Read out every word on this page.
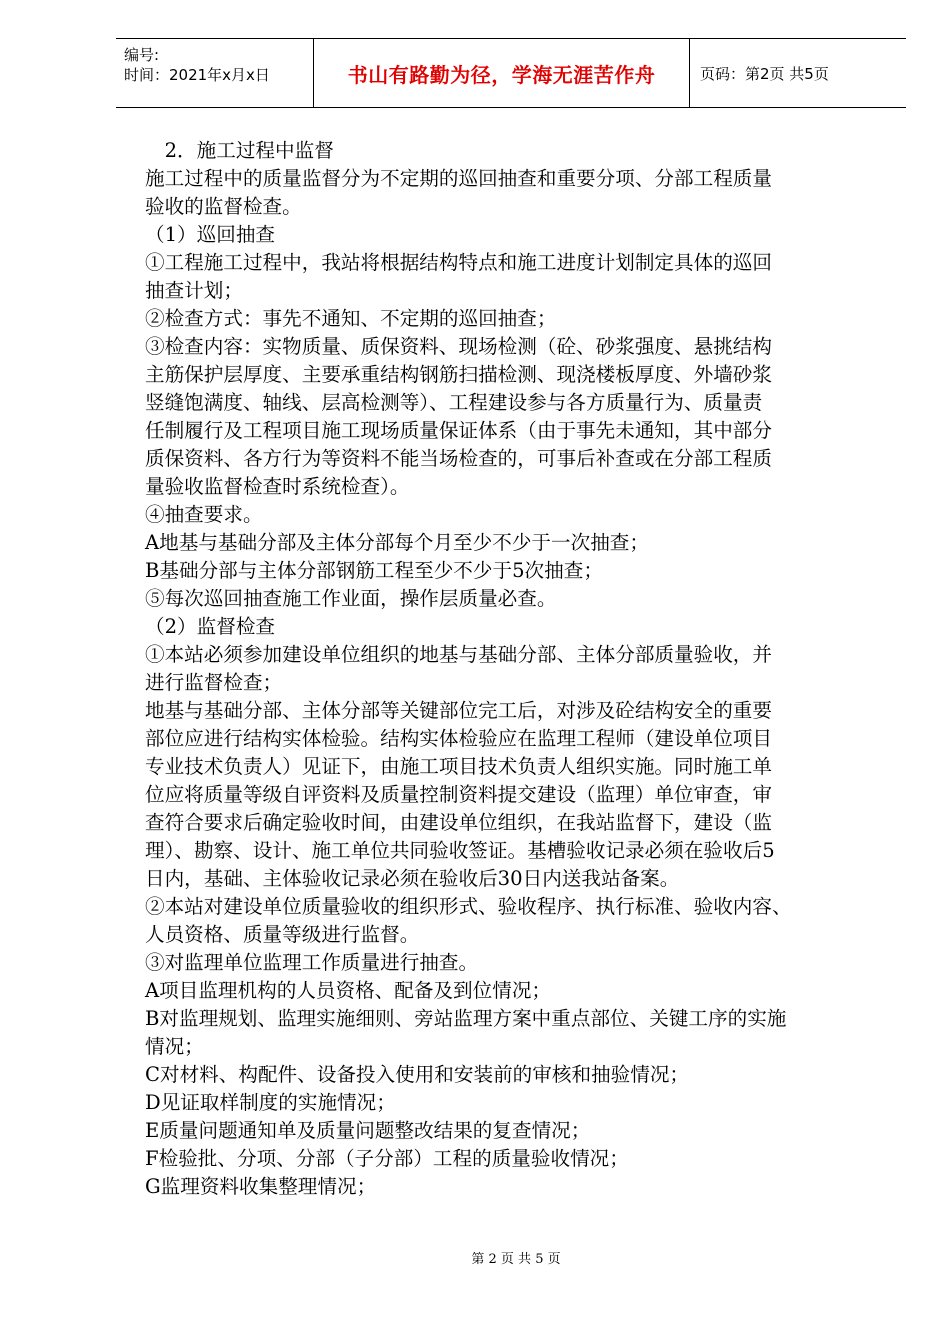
编号:
时间：2021年x月x日	书山有路勤为径，学海无涯苦作舟	页码：第2页 共5页

　2．施工过程中监督

施工过程中的质量监督分为不定期的巡回抽查和重要分项、分部工程质量

验收的监督检查。

（1）巡回抽查

①工程施工过程中，我站将根据结构特点和施工进度计划制定具体的巡回

抽查计划；

②检查方式：事先不通知、不定期的巡回抽查；

③检查内容：实物质量、质保资料、现场检测（砼、砂浆强度、悬挑结构

主筋保护层厚度、主要承重结构钢筋扫描检测、现浇楼板厚度、外墙砂浆

竖缝饱满度、轴线、层高检测等）、工程建设参与各方质量行为、质量责

任制履行及工程项目施工现场质量保证体系（由于事先未通知，其中部分

质保资料、各方行为等资料不能当场检查的，可事后补查或在分部工程质

量验收监督检查时系统检查）。

④抽查要求。

A地基与基础分部及主体分部每个月至少不少于一次抽查；

B基础分部与主体分部钢筋工程至少不少于5次抽查；

⑤每次巡回抽查施工作业面，操作层质量必查。

（2）监督检查

①本站必须参加建设单位组织的地基与基础分部、主体分部质量验收，并

进行监督检查；

地基与基础分部、主体分部等关键部位完工后，对涉及砼结构安全的重要

部位应进行结构实体检验。结构实体检验应在监理工程师（建设单位项目

专业技术负责人）见证下，由施工项目技术负责人组织实施。同时施工单

位应将质量等级自评资料及质量控制资料提交建设（监理）单位审查，审

查符合要求后确定验收时间，由建设单位组织，在我站监督下，建设（监

理）、勘察、设计、施工单位共同验收签证。基槽验收记录必须在验收后5

日内，基础、主体验收记录必须在验收后30日内送我站备案。

②本站对建设单位质量验收的组织形式、验收程序、执行标准、验收内容、

人员资格、质量等级进行监督。

③对监理单位监理工作质量进行抽查。

A项目监理机构的人员资格、配备及到位情况；

B对监理规划、监理实施细则、旁站监理方案中重点部位、关键工序的实施

情况；

C对材料、构配件、设备投入使用和安装前的审核和抽验情况；

D见证取样制度的实施情况；

E质量问题通知单及质量问题整改结果的复查情况；

F检验批、分项、分部（子分部）工程的质量验收情况；

G监理资料收集整理情况；

第 2 页 共 5 页
